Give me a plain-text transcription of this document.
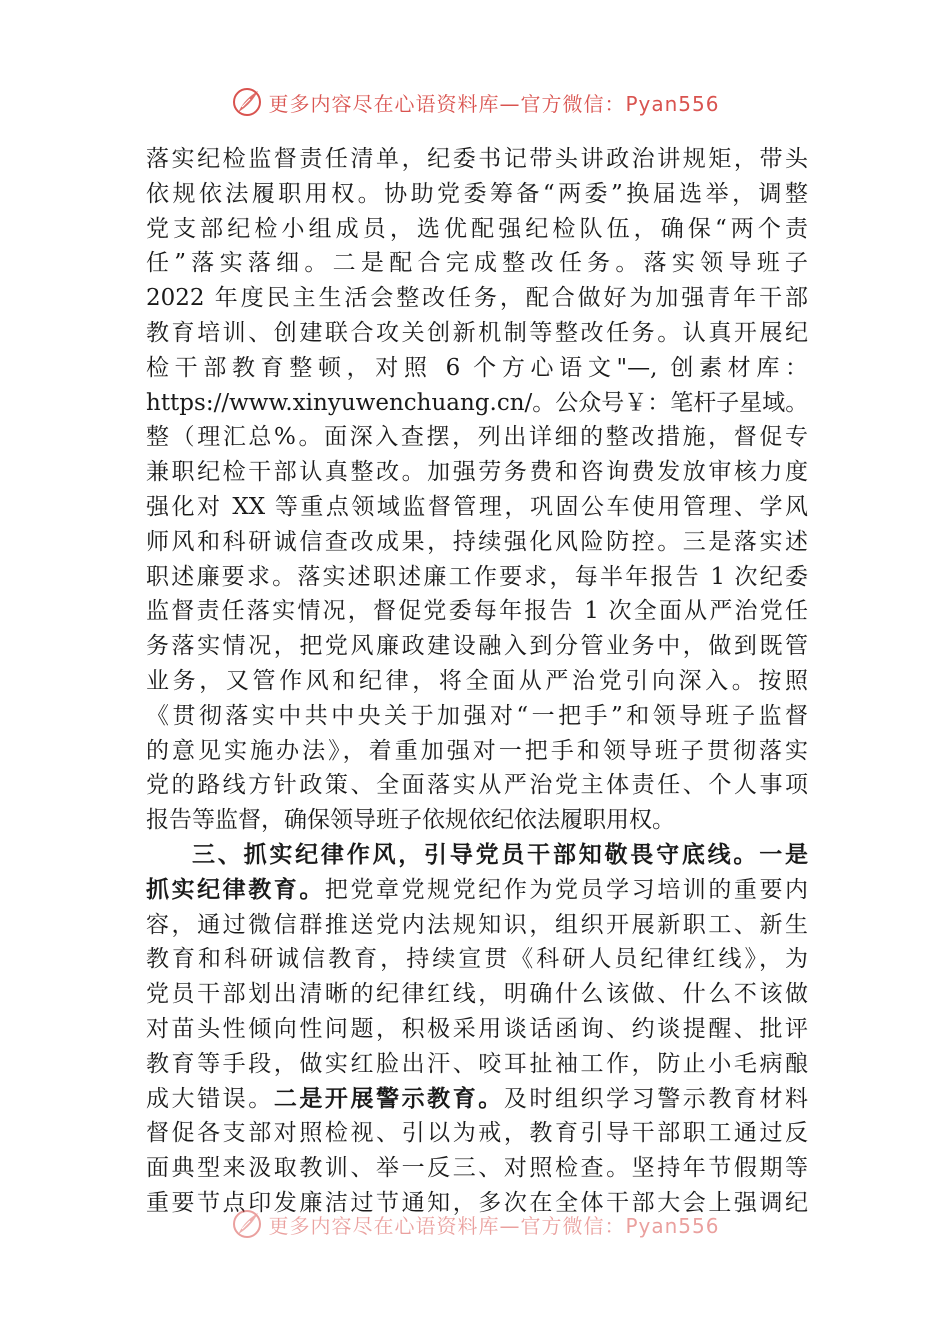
更多内容尽在心语资料库—官方微信：Pyan556
落实纪检监督责任清单，纪委书记带头讲政治讲规矩，带头
依规依法履职用权。协助党委筹备“两委”换届选举，调整
党支部纪检小组成员，选优配强纪检队伍，确保“两个责
任”落实落细。二是配合完成整改任务。落实领导班子
2022 年度民主生活会整改任务，配合做好为加强青年干部
教育培训、创建联合攻关创新机制等整改任务。认真开展纪
检干部教育整顿，对照 6 个方心语文"—, 创素材库：
https://www.xinyuwenchuang.cn/。公众号￥：笔杆子星域。
整（理汇总%。面深入查摆，列出详细的整改措施，督促专
兼职纪检干部认真整改。加强劳务费和咨询费发放审核力度
强化对 XX 等重点领域监督管理，巩固公车使用管理、学风
师风和科研诚信查改成果，持续强化风险防控。三是落实述
职述廉要求。落实述职述廉工作要求，每半年报告 1 次纪委
监督责任落实情况，督促党委每年报告 1 次全面从严治党任
务落实情况，把党风廉政建设融入到分管业务中，做到既管
业务，又管作风和纪律，将全面从严治党引向深入。按照
《贯彻落实中共中央关于加强对“一把手”和领导班子监督
的意见实施办法》，着重加强对一把手和领导班子贯彻落实
党的路线方针政策、全面落实从严治党主体责任、个人事项
报告等监督，确保领导班子依规依纪依法履职用权。
三、抓实纪律作风，引导党员干部知敬畏守底线。一是
抓实纪律教育。把党章党规党纪作为党员学习培训的重要内
容，通过微信群推送党内法规知识，组织开展新职工、新生
教育和科研诚信教育，持续宣贯《科研人员纪律红线》，为
党员干部划出清晰的纪律红线，明确什么该做、什么不该做
对苗头性倾向性问题，积极采用谈话函询、约谈提醒、批评
教育等手段，做实红脸出汗、咬耳扯袖工作，防止小毛病酿
成大错误。二是开展警示教育。及时组织学习警示教育材料
督促各支部对照检视、引以为戒，教育引导干部职工通过反
面典型来汲取教训、举一反三、对照检查。坚持年节假期等
重要节点印发廉洁过节通知，多次在全体干部大会上强调纪
更多内容尽在心语资料库—官方微信：Pyan556
